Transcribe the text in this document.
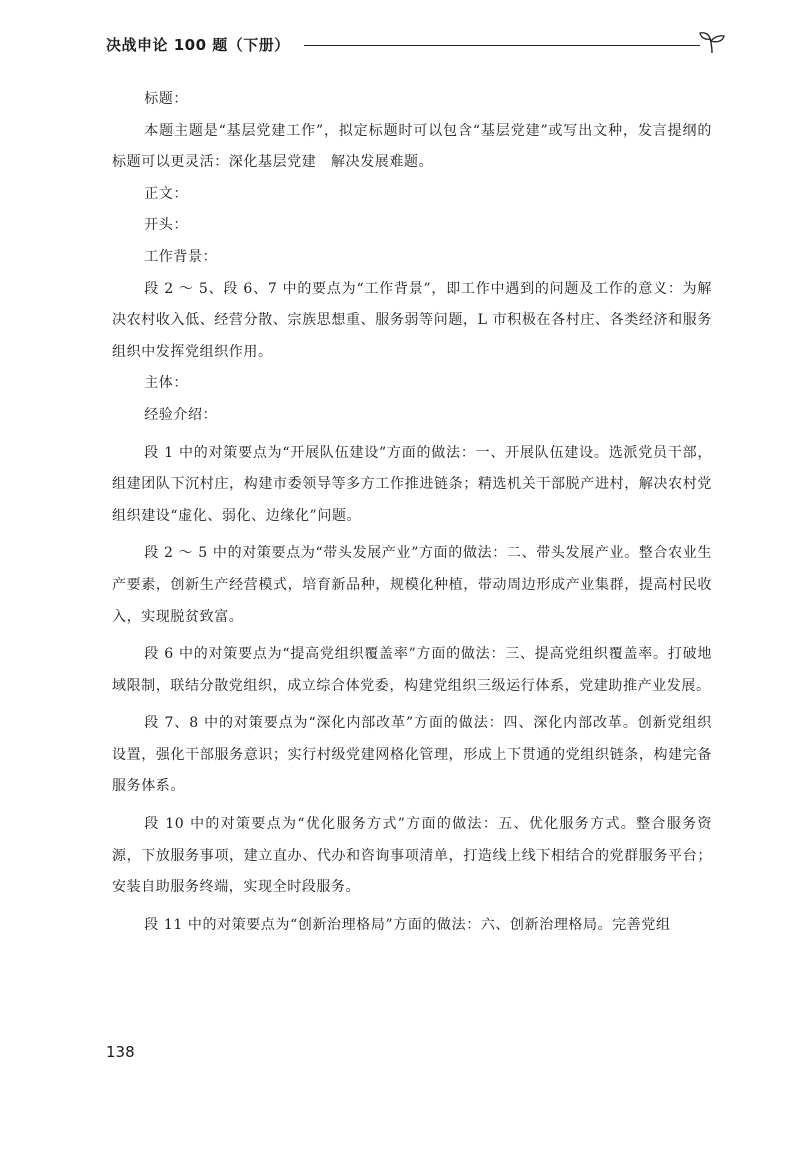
决战申论 100 题（下册）

标题：

本题主题是“基层党建工作”，拟定标题时可以包含“基层党建”或写出文种，发言提纲的标题可以更灵活：深化基层党建　解决发展难题。

正文：

开头：

工作背景：

段 2 ～ 5、段 6、7 中的要点为“工作背景”，即工作中遇到的问题及工作的意义：为解决农村收入低、经营分散、宗族思想重、服务弱等问题，L 市积极在各村庄、各类经济和服务组织中发挥党组织作用。

主体：

经验介绍：

段 1 中的对策要点为“开展队伍建设”方面的做法：一、开展队伍建设。选派党员干部，组建团队下沉村庄，构建市委领导等多方工作推进链条；精选机关干部脱产进村，解决农村党组织建设“虚化、弱化、边缘化”问题。

段 2 ～ 5 中的对策要点为“带头发展产业”方面的做法：二、带头发展产业。整合农业生产要素，创新生产经营模式，培育新品种，规模化种植，带动周边形成产业集群，提高村民收入，实现脱贫致富。

段 6 中的对策要点为“提高党组织覆盖率”方面的做法：三、提高党组织覆盖率。打破地域限制，联结分散党组织，成立综合体党委，构建党组织三级运行体系，党建助推产业发展。

段 7、8 中的对策要点为“深化内部改革”方面的做法：四、深化内部改革。创新党组织设置，强化干部服务意识；实行村级党建网格化管理，形成上下贯通的党组织链条，构建完备服务体系。

段 10 中的对策要点为“优化服务方式”方面的做法：五、优化服务方式。整合服务资源，下放服务事项，建立直办、代办和咨询事项清单，打造线上线下相结合的党群服务平台；安装自助服务终端，实现全时段服务。

段 11 中的对策要点为“创新治理格局”方面的做法：六、创新治理格局。完善党组

138
